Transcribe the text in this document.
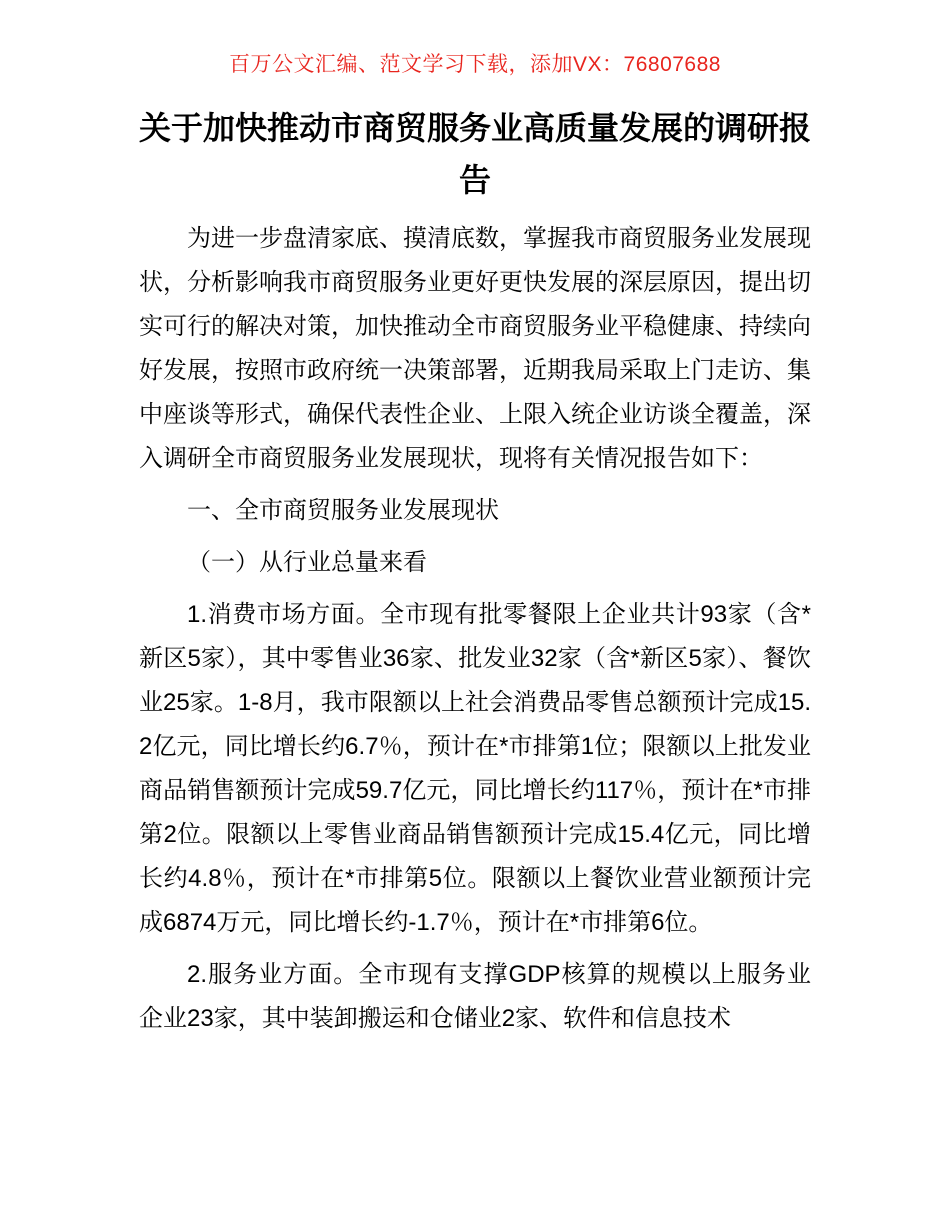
百万公文汇编、范文学习下载，添加VX：76807688
关于加快推动市商贸服务业高质量发展的调研报告

为进一步盘清家底、摸清底数，掌握我市商贸服务业发展现状，分析影响我市商贸服务业更好更快发展的深层原因，提出切实可行的解决对策，加快推动全市商贸服务业平稳健康、持续向好发展，按照市政府统一决策部署，近期我局采取上门走访、集中座谈等形式，确保代表性企业、上限入统企业访谈全覆盖，深入调研全市商贸服务业发展现状，现将有关情况报告如下：

一、全市商贸服务业发展现状

（一）从行业总量来看

1.消费市场方面。全市现有批零餐限上企业共计93家（含*新区5家），其中零售业36家、批发业32家（含*新区5家）、餐饮业25家。1-8月，我市限额以上社会消费品零售总额预计完成15.2亿元，同比增长约6.7％，预计在*市排第1位；限额以上批发业商品销售额预计完成59.7亿元，同比增长约117％，预计在*市排第2位。限额以上零售业商品销售额预计完成15.4亿元，同比增长约4.8％，预计在*市排第5位。限额以上餐饮业营业额预计完成6874万元，同比增长约-1.7％，预计在*市排第6位。

2.服务业方面。全市现有支撑GDP核算的规模以上服务业企业23家，其中装卸搬运和仓储业2家、软件和信息技术
